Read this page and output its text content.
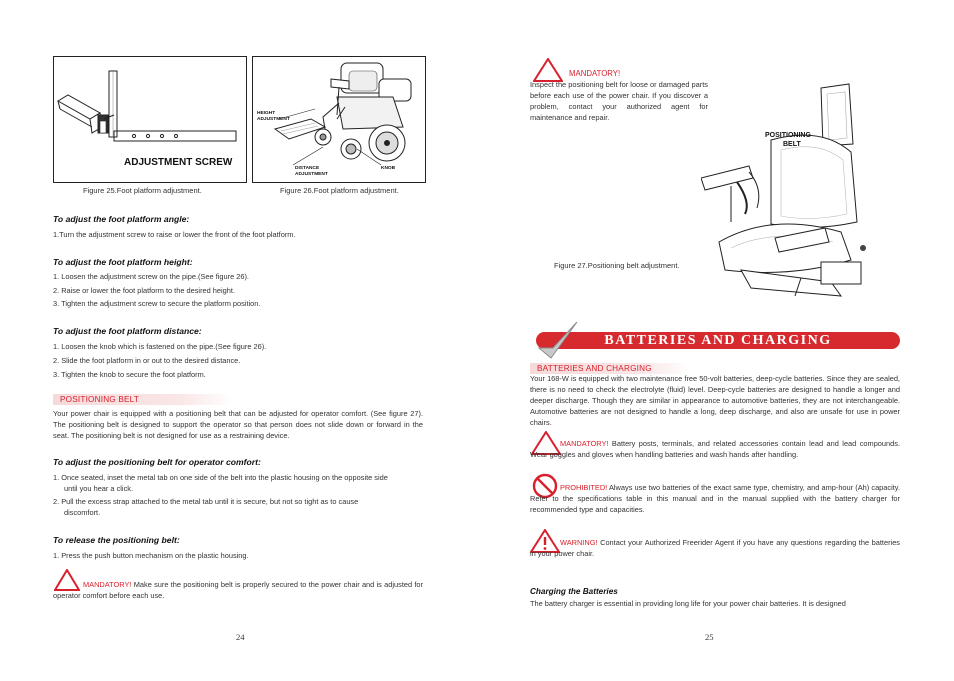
ADJUSTMENT SCREW
Figure 25.Foot platform adjustment.
HEIGHT
ADJUSTMENT
DISTANCE
ADJUSTMENT
KNOB
Figure 26.Foot platform adjustment.
To adjust the foot platform angle:
1.Turn the adjustment screw to raise or lower the front of the foot platform.
To adjust the foot platform height:
1. Loosen the adjustment screw on the pipe.(See figure 26).
2. Raise or lower the foot platform to the desired height.
3. Tighten the adjustment screw to secure the platform position.
To adjust the foot platform distance:
1. Loosen the knob which is fastened on the pipe.(See figure 26).
2. Slide the foot platform in or out to the desired distance.
3. Tighten the knob to secure the foot platform.
POSITIONING BELT

Your power chair is equipped with a positioning belt that can be adjusted for operator comfort. (See figure 27). The positioning belt is designed to support the operator so that person does not slide down or forward in the seat. The positioning belt is not designed for use as a restraining device.

To adjust the positioning belt for operator comfort:
1. Once seated, inset the metal tab on one side of the belt into the plastic housing on the opposite side
until you hear a click.
2. Pull the excess strap attached to the metal tab until it is secure, but not so tight as to cause
discomfort.
To release the positioning belt:
1. Press the push button mechanism on the plastic housing.
MANDATORY! Make sure the positioning belt is properly secured to the power chair and is adjusted for operator comfort before each use.
24
MANDATORY!

Inspect the positioning belt for loose or damaged parts before each use of the power chair. If you discover a problem, contact your authorized agent for maintenance and repair.

POSITIONING
BELT
Figure 27.Positioning belt adjustment.
BATTERIES AND CHARGING
BATTERIES AND CHARGING

Your 168-W is equipped with two maintenance free 50-volt batteries, deep-cycle batteries. Since they are sealed, there is no need to check the electrolyte (fluid) level. Deep-cycle batteries are designed to handle a longer and deeper discharge. Though they are similar in appearance to automotive batteries, they are not interchangeable. Automotive batteries are not designed to handle a long, deep discharge, and also are unsafe for use in power chairs.

MANDATORY! Battery posts, terminals, and related accessories contain lead and lead compounds. Wear goggles and gloves when handling batteries and wash hands after handling.
PROHIBITED! Always use two batteries of the exact same type, chemistry, and amp-hour (Ah) capacity. Refer to the specifications table in this manual and in the manual supplied with the battery charger for recommended type and capacities.
WARNING! Contact your Authorized Freerider Agent if you have any questions regarding the batteries in your power chair.
Charging the Batteries

The battery charger is essential in providing long life for your power chair batteries. It is designed

25
